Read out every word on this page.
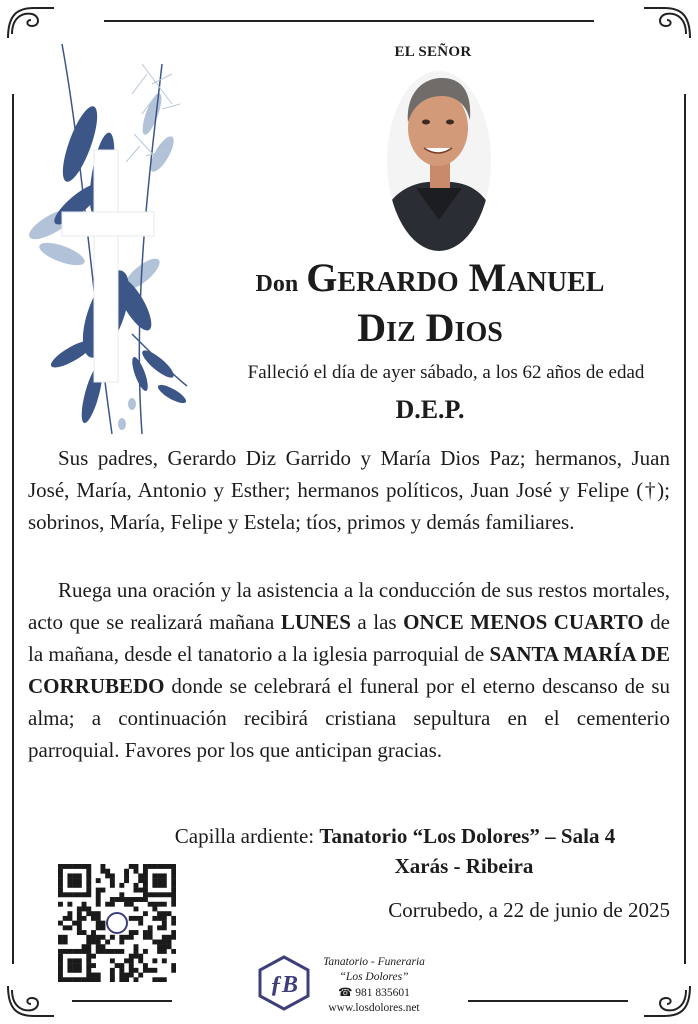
EL SEÑOR
Don Gerardo Manuel
Diz Dios
Falleció el día de ayer sábado, a los 62 años de edad
D.E.P.

Sus padres, Gerardo Diz Garrido y María Dios Paz; hermanos, Juan José, María, Antonio y Esther; hermanos políticos, Juan José y Felipe (†); sobrinos, María, Felipe y Estela; tíos, primos y demás familiares.

Ruega una oración y la asistencia a la conducción de sus restos mortales, acto que se realizará mañana LUNES a las ONCE MENOS CUARTO de la mañana, desde el tanatorio a la iglesia parroquial de SANTA MARÍA DE CORRUBEDO donde se celebrará el funeral por el eterno descanso de su alma; a continuación recibirá cristiana sepultura en el cementerio parroquial. Favores por los que anticipan gracias.

Capilla ardiente: Tanatorio “Los Dolores” – Sala 4
Xarás - Ribeira
Corrubedo, a 22 de junio de 2025
ƒB
Tanatorio - Funeraria
“Los Dolores”
☎ 981 835601
www.losdolores.net
